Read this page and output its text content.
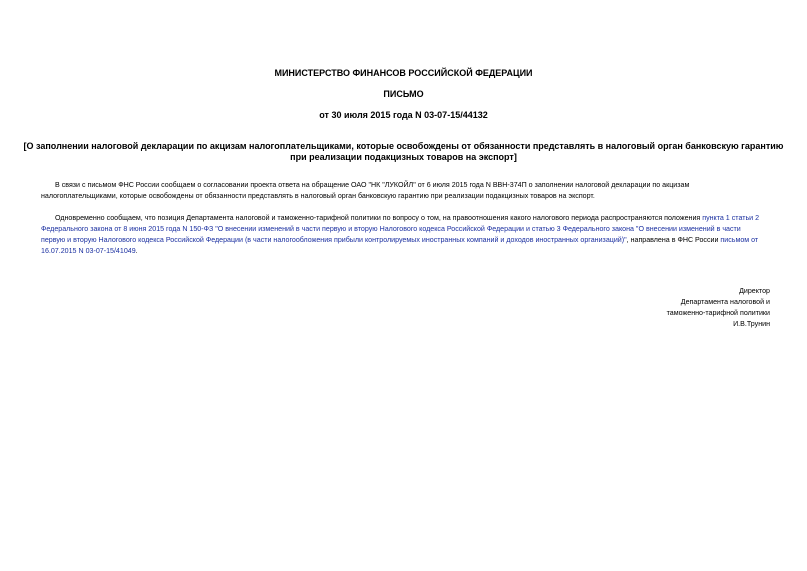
МИНИСТЕРСТВО ФИНАНСОВ РОССИЙСКОЙ ФЕДЕРАЦИИ
ПИСЬМО
от 30 июля 2015 года N 03-07-15/44132
[О заполнении налоговой декларации по акцизам налогоплательщиками, которые освобождены от обязанности представлять в налоговый орган банковскую гарантию при реализации подакцизных товаров на экспорт]
В связи с письмом ФНС России сообщаем о согласовании проекта ответа на обращение ОАО "НК "ЛУКОЙЛ" от 6 июля 2015 года N ВВН-374П о заполнении налоговой декларации по акцизам
налогоплательщиками, которые освобождены от обязанности представлять в налоговый орган банковскую гарантию при реализации подакцизных товаров на экспорт.
Одновременно сообщаем, что позиция Департамента налоговой и таможенно-тарифной политики по вопросу о том, на правоотношения какого налогового периода распространяются положения пункта 1 статьи 2
Федерального закона от 8 июня 2015 года N 150-ФЗ "О внесении изменений в части первую и вторую Налогового кодекса Российской Федерации и статью 3 Федерального закона "О внесении изменений в части
первую и вторую Налогового кодекса Российской Федерации (в части налогообложения прибыли контролируемых иностранных компаний и доходов иностранных организаций)", направлена в ФНС России письмом от
16.07.2015 N 03-07-15/41049.
Директор
Департамента налоговой и
таможенно-тарифной политики
И.В.Трунин
